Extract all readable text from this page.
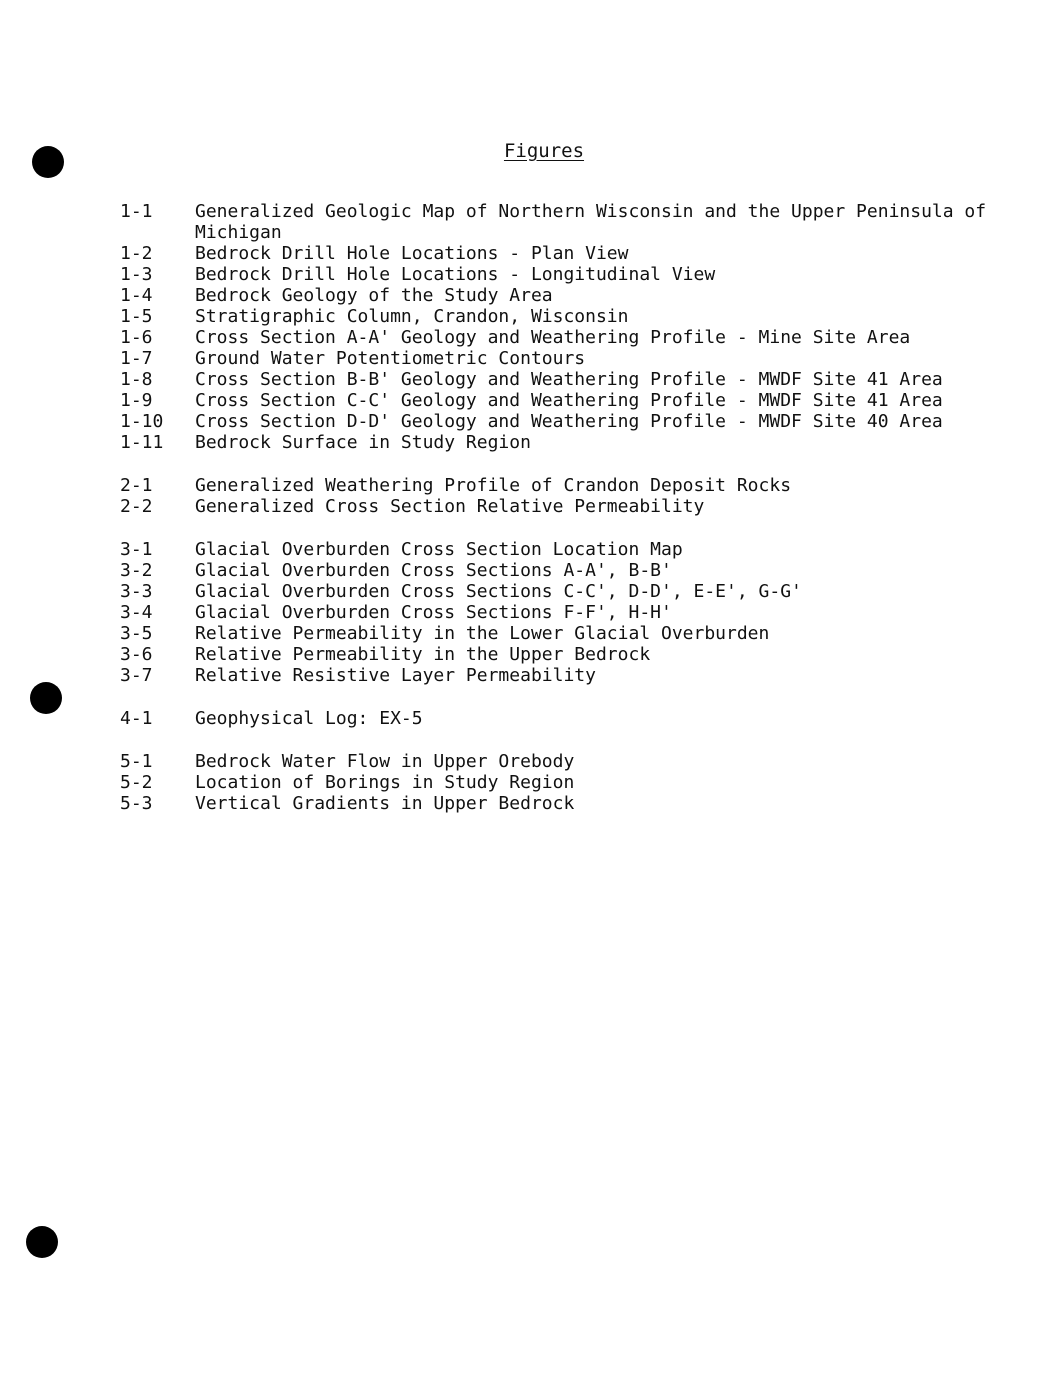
Figures
1-1	Generalized Geologic Map of Northern Wisconsin and the Upper Peninsula of Michigan
1-2	Bedrock Drill Hole Locations - Plan View
1-3	Bedrock Drill Hole Locations - Longitudinal View
1-4	Bedrock Geology of the Study Area
1-5	Stratigraphic Column, Crandon, Wisconsin
1-6	Cross Section A-A' Geology and Weathering Profile - Mine Site Area
1-7	Ground Water Potentiometric Contours
1-8	Cross Section B-B' Geology and Weathering Profile - MWDF Site 41 Area
1-9	Cross Section C-C' Geology and Weathering Profile - MWDF Site 41 Area
1-10	Cross Section D-D' Geology and Weathering Profile - MWDF Site 40 Area
1-11	Bedrock Surface in Study Region
2-1	Generalized Weathering Profile of Crandon Deposit Rocks
2-2	Generalized Cross Section Relative Permeability
3-1	Glacial Overburden Cross Section Location Map
3-2	Glacial Overburden Cross Sections A-A', B-B'
3-3	Glacial Overburden Cross Sections C-C', D-D', E-E', G-G'
3-4	Glacial Overburden Cross Sections F-F', H-H'
3-5	Relative Permeability in the Lower Glacial Overburden
3-6	Relative Permeability in the Upper Bedrock
3-7	Relative Resistive Layer Permeability
4-1	Geophysical Log: EX-5
5-1	Bedrock Water Flow in Upper Orebody
5-2	Location of Borings in Study Region
5-3	Vertical Gradients in Upper Bedrock
